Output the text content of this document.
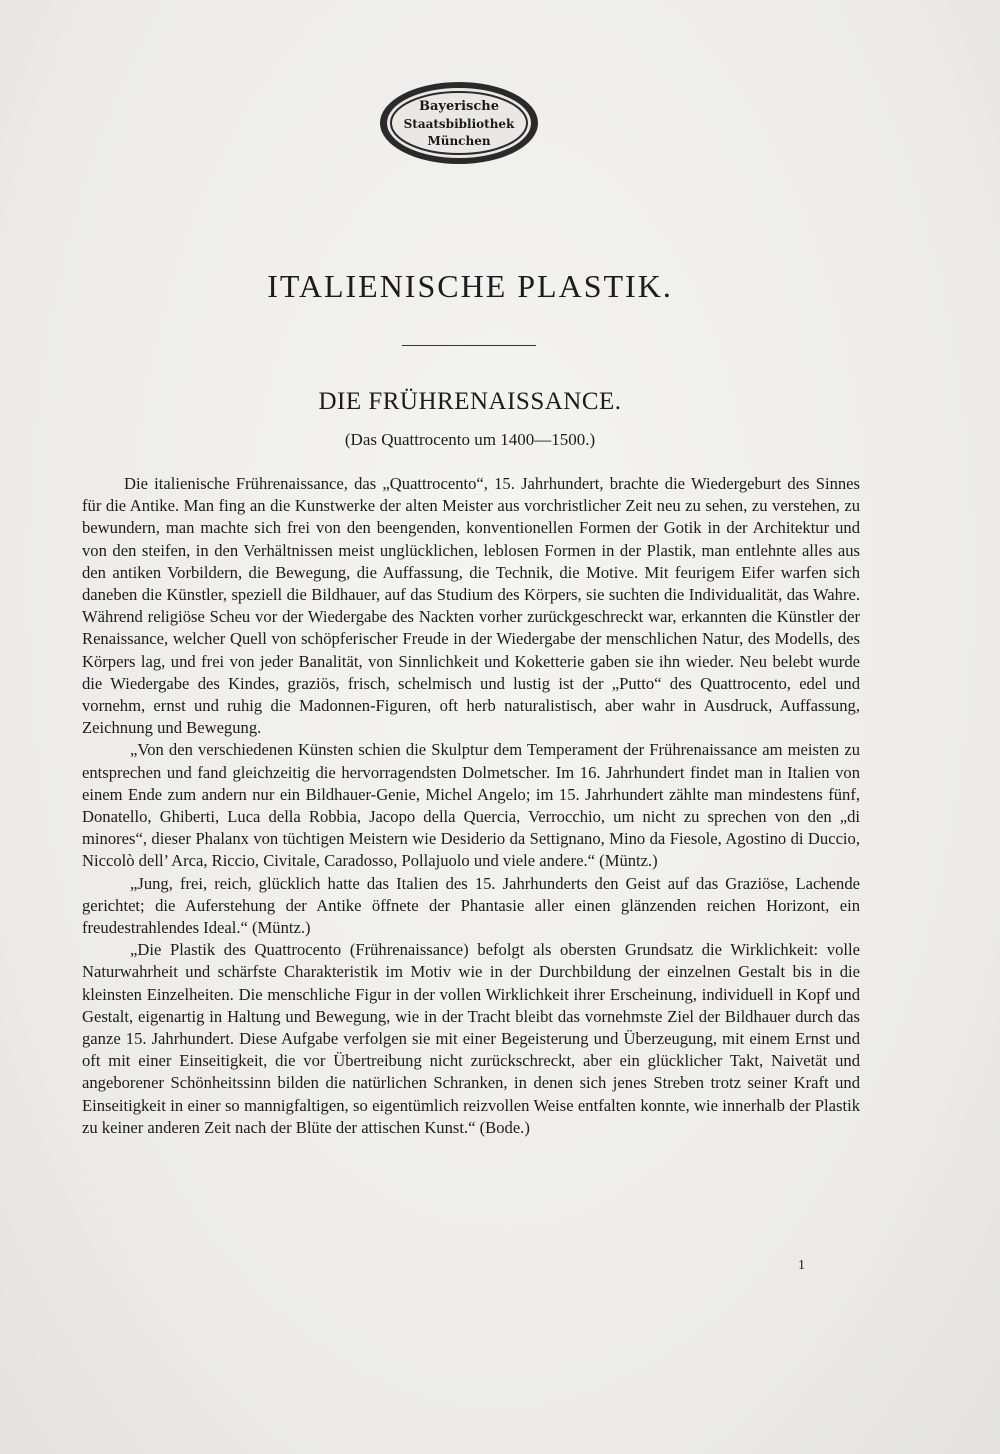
Bayerische
Staatsbibliothek
München
ITALIENISCHE PLASTIK.
DIE FRÜHRENAISSANCE.

(Das Quattrocento um 1400—1500.)

Die italienische Frührenaissance, das „Quattrocento“, 15. Jahrhundert, brachte die Wiedergeburt des Sinnes für die Antike. Man fing an die Kunstwerke der alten Meister aus vorchristlicher Zeit neu zu sehen, zu verstehen, zu bewundern, man machte sich frei von den beengenden, konventionellen Formen der Gotik in der Architektur und von den steifen, in den Verhältnissen meist unglücklichen, leblosen Formen in der Plastik, man entlehnte alles aus den antiken Vorbildern, die Bewegung, die Auffassung, die Technik, die Motive. Mit feurigem Eifer warfen sich daneben die Künstler, speziell die Bildhauer, auf das Studium des Körpers, sie suchten die Individualität, das Wahre. Während religiöse Scheu vor der Wiedergabe des Nackten vorher zurückgeschreckt war, erkannten die Künstler der Renaissance, welcher Quell von schöpferischer Freude in der Wiedergabe der menschlichen Natur, des Modells, des Körpers lag, und frei von jeder Banalität, von Sinnlichkeit und Koketterie gaben sie ihn wieder. Neu belebt wurde die Wiedergabe des Kindes, graziös, frisch, schelmisch und lustig ist der „Putto“ des Quattrocento, edel und vornehm, ernst und ruhig die Madonnen-Figuren, oft herb naturalistisch, aber wahr in Ausdruck, Auffassung, Zeichnung und Bewegung.

„Von den verschiedenen Künsten schien die Skulptur dem Temperament der Frührenaissance am meisten zu entsprechen und fand gleichzeitig die hervorragendsten Dolmetscher. Im 16. Jahrhundert findet man in Italien von einem Ende zum andern nur ein Bildhauer-Genie, Michel Angelo; im 15. Jahrhundert zählte man mindestens fünf, Donatello, Ghiberti, Luca della Robbia, Jacopo della Quercia, Verrocchio, um nicht zu sprechen von den „di minores“, dieser Phalanx von tüchtigen Meistern wie Desiderio da Settignano, Mino da Fiesole, Agostino di Duccio, Niccolò dell’ Arca, Riccio, Civitale, Caradosso, Pollajuolo und viele andere.“ (Müntz.)

„Jung, frei, reich, glücklich hatte das Italien des 15. Jahrhunderts den Geist auf das Graziöse, Lachende gerichtet; die Auferstehung der Antike öffnete der Phantasie aller einen glänzenden reichen Horizont, ein freudestrahlendes Ideal.“ (Müntz.)

„Die Plastik des Quattrocento (Frührenaissance) befolgt als obersten Grundsatz die Wirklichkeit: volle Naturwahrheit und schärfste Charakteristik im Motiv wie in der Durchbildung der einzelnen Gestalt bis in die kleinsten Einzelheiten. Die menschliche Figur in der vollen Wirklichkeit ihrer Erscheinung, individuell in Kopf und Gestalt, eigenartig in Haltung und Bewegung, wie in der Tracht bleibt das vornehmste Ziel der Bildhauer durch das ganze 15. Jahrhundert. Diese Aufgabe verfolgen sie mit einer Begeisterung und Überzeugung, mit einem Ernst und oft mit einer Einseitigkeit, die vor Übertreibung nicht zurückschreckt, aber ein glücklicher Takt, Naivetät und angeborener Schönheitssinn bilden die natürlichen Schranken, in denen sich jenes Streben trotz seiner Kraft und Einseitigkeit in einer so mannigfaltigen, so eigentümlich reizvollen Weise entfalten konnte, wie innerhalb der Plastik zu keiner anderen Zeit nach der Blüte der attischen Kunst.“ (Bode.)

1
